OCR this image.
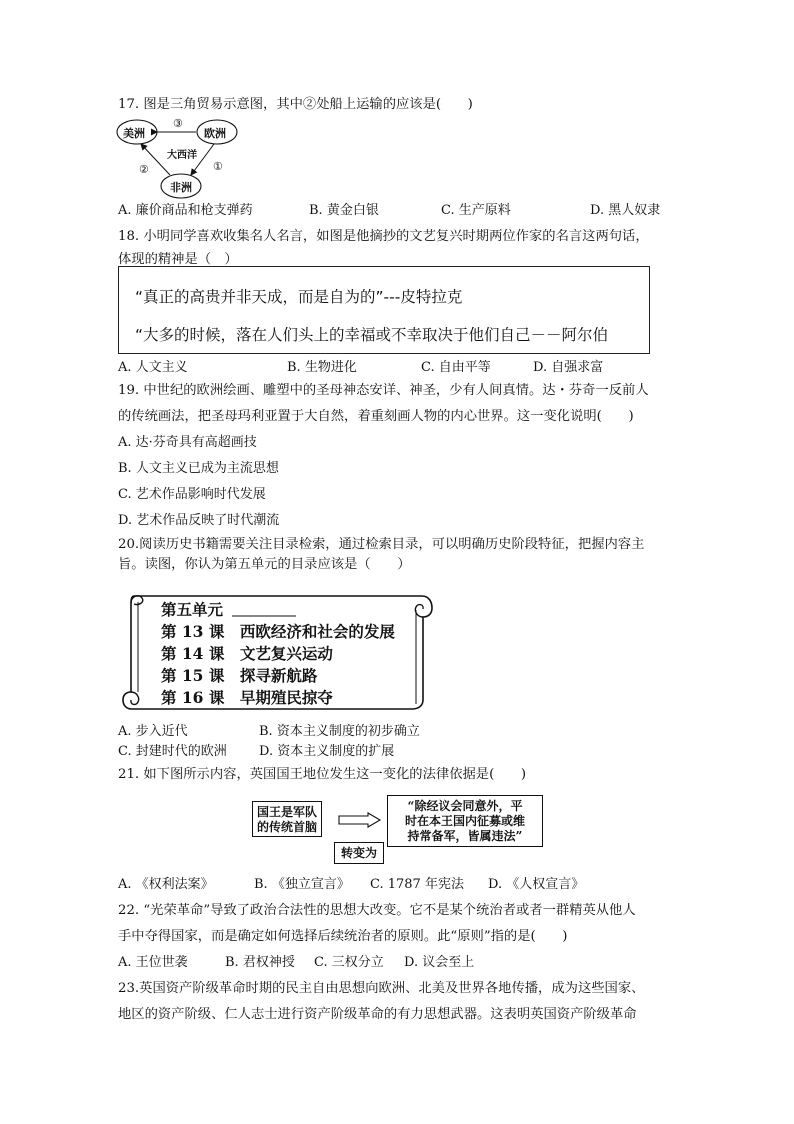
17. 图是三角贸易示意图，其中②处船上运输的应该是(　　)
美洲	欧洲
非洲
大西洋
①
②
③
A. 廉价商品和枪支弹药	B. 黄金白银	C. 生产原料	D. 黑人奴隶
18. 小明同学喜欢收集名人名言，如图是他摘抄的文艺复兴时期两位作家的名言这两句话，
体现的精神是（　）
“真正的高贵并非天成，而是自为的”---皮特拉克
“大多的时候，落在人们头上的幸福或不幸取决于他们自己－－阿尔伯
A. 人文主义	B. 生物进化	C. 自由平等	D. 自强求富
19. 中世纪的欧洲绘画、雕塑中的圣母神态安详、神圣，少有人间真情。达・芬奇一反前人
的传统画法，把圣母玛利亚置于大自然，着重刻画人物的内心世界。这一变化说明(　　)
A. 达·芬奇具有高超画技
B. 人文主义已成为主流思想
C. 艺术作品影响时代发展
D. 艺术作品反映了时代潮流
20.阅读历史书籍需要关注目录检索，通过检索目录，可以明确历史阶段特征，把握内容主
旨。读图，你认为第五单元的目录应该是（　　）
第五单元
第 13 课　西欧经济和社会的发展
第 14 课　文艺复兴运动
第 15 课　探寻新航路
第 16 课　早期殖民掠夺
A. 步入近代	B. 资本主义制度的初步确立
C. 封建时代的欧洲 D. 资本主义制度的扩展
21. 如下图所示内容，英国国王地位发生这一变化的法律依据是(　　)
国王是军队
的传统首脑
“除经议会同意外，平
时在本王国内征募或维
持常备军，皆属违法”
转变为
A. 《权利法案》	B. 《独立宣言》 C. 1787 年宪法 D. 《人权宣言》
22. “光荣革命”导致了政治合法性的思想大改变。它不是某个统治者或者一群精英从他人
手中夺得国家，而是确定如何选择后续统治者的原则。此“原则”指的是(　　)
A. 王位世袭	B. 君权神授 C. 三权分立 D. 议会至上
23.英国资产阶级革命时期的民主自由思想向欧洲、北美及世界各地传播，成为这些国家、
地区的资产阶级、仁人志士进行资产阶级革命的有力思想武器。这表明英国资产阶级革命
